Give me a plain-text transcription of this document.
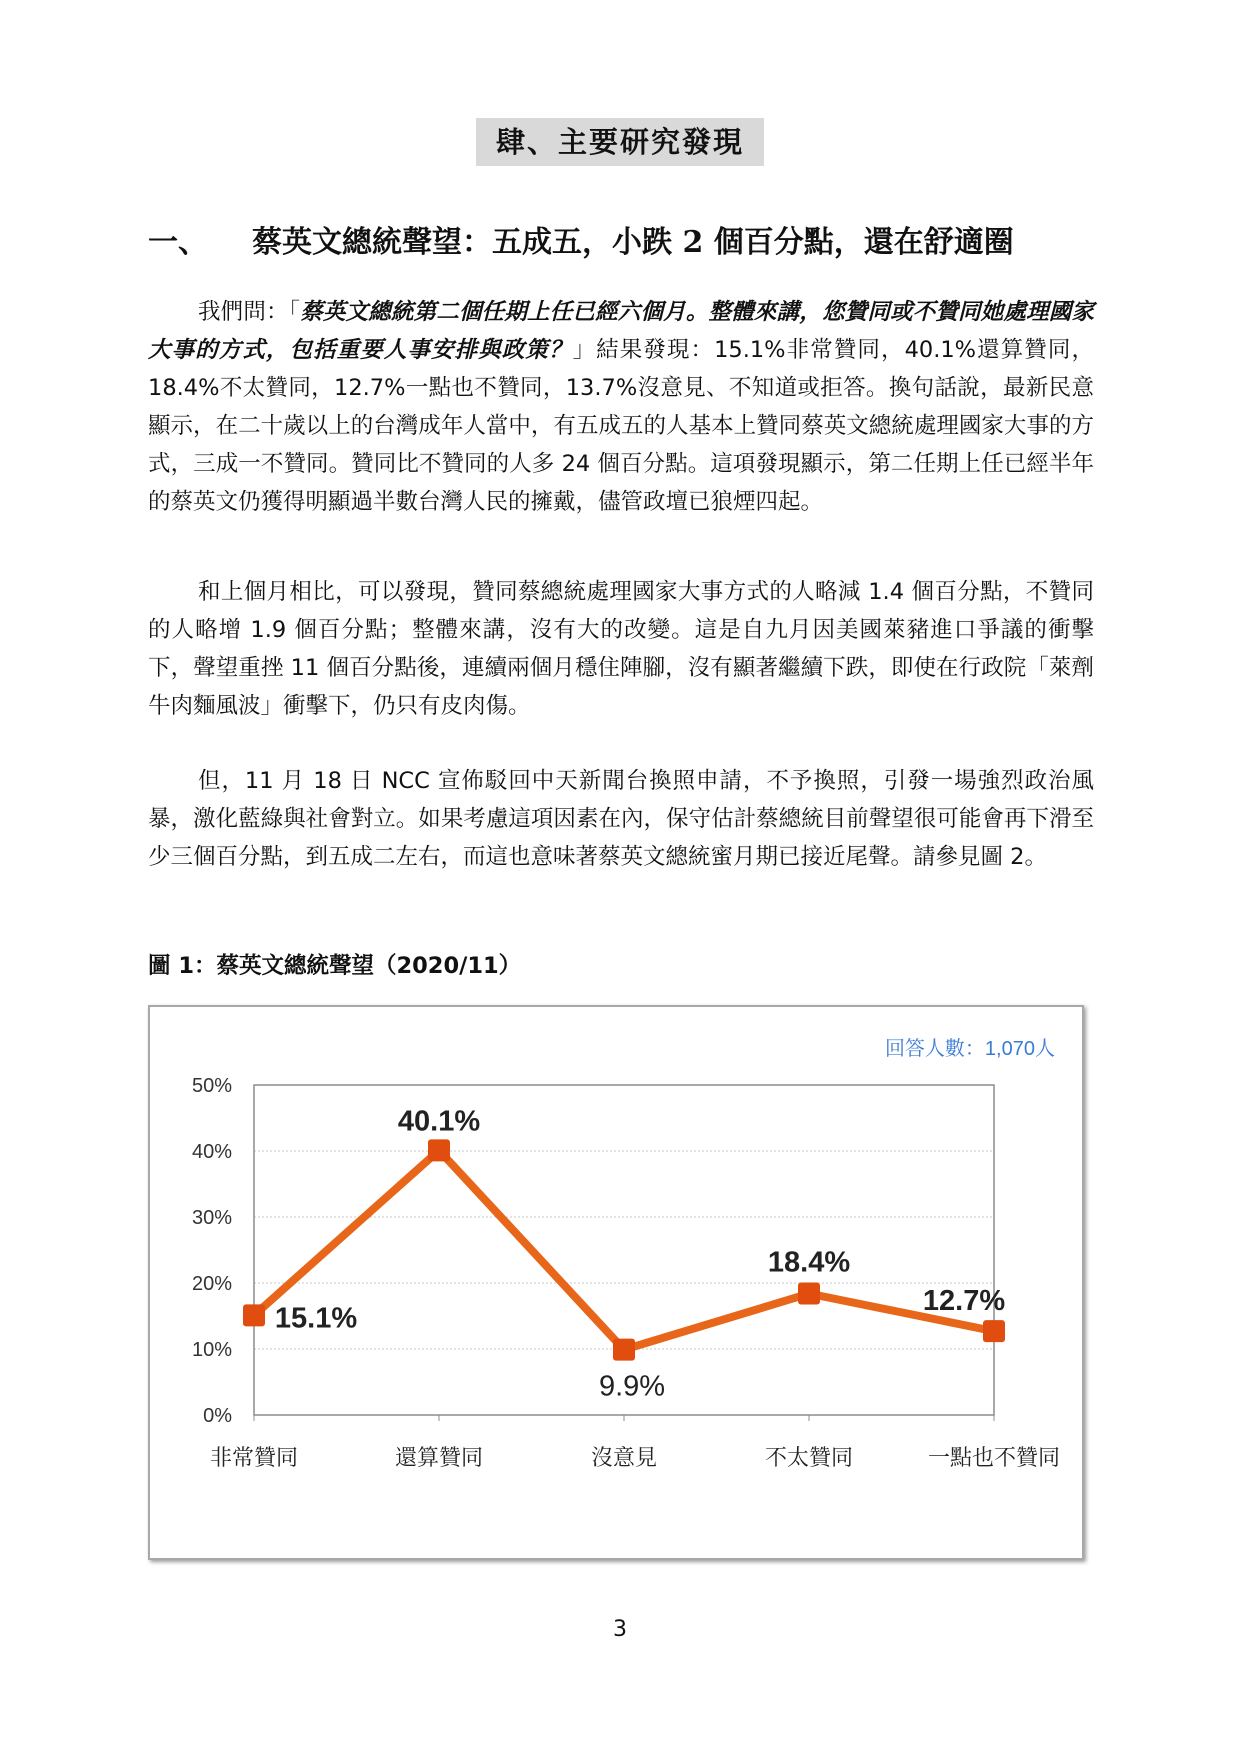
肆、主要研究發現
一、 蔡英文總統聲望：五成五，小跌 2 個百分點，還在舒適圈

我們問：「蔡英文總統第二個任期上任已經六個月。整體來講，您贊同或不贊同她處理國家大事的方式，包括重要人事安排與政策？」結果發現：15.1%非常贊同，40.1%還算贊同，18.4%不太贊同，12.7%一點也不贊同，13.7%沒意見、不知道或拒答。換句話說，最新民意顯示，在二十歲以上的台灣成年人當中，有五成五的人基本上贊同蔡英文總統處理國家大事的方式，三成一不贊同。贊同比不贊同的人多 24 個百分點。這項發現顯示，第二任期上任已經半年的蔡英文仍獲得明顯過半數台灣人民的擁戴，儘管政壇已狼煙四起。

和上個月相比，可以發現，贊同蔡總統處理國家大事方式的人略減 1.4 個百分點，不贊同的人略增 1.9 個百分點；整體來講，沒有大的改變。這是自九月因美國萊豬進口爭議的衝擊下，聲望重挫 11 個百分點後，連續兩個月穩住陣腳，沒有顯著繼續下跌，即使在行政院「萊劑牛肉麵風波」衝擊下，仍只有皮肉傷。

但，11 月 18 日 NCC 宣佈駁回中天新聞台換照申請，不予換照，引發一場強烈政治風暴，激化藍綠與社會對立。如果考慮這項因素在內，保守估計蔡總統目前聲望很可能會再下滑至少三個百分點，到五成二左右，而這也意味著蔡英文總統蜜月期已接近尾聲。請參見圖 2。

圖 1：蔡英文總統聲望（2020/11）
0%
10%
20%
30%
40%
50%
非常贊同	還算贊同	沒意見	不太贊同	一點也不贊同
15.1%
40.1%
9.9%
18.4%
12.7%
回答人數：1,070人
3
